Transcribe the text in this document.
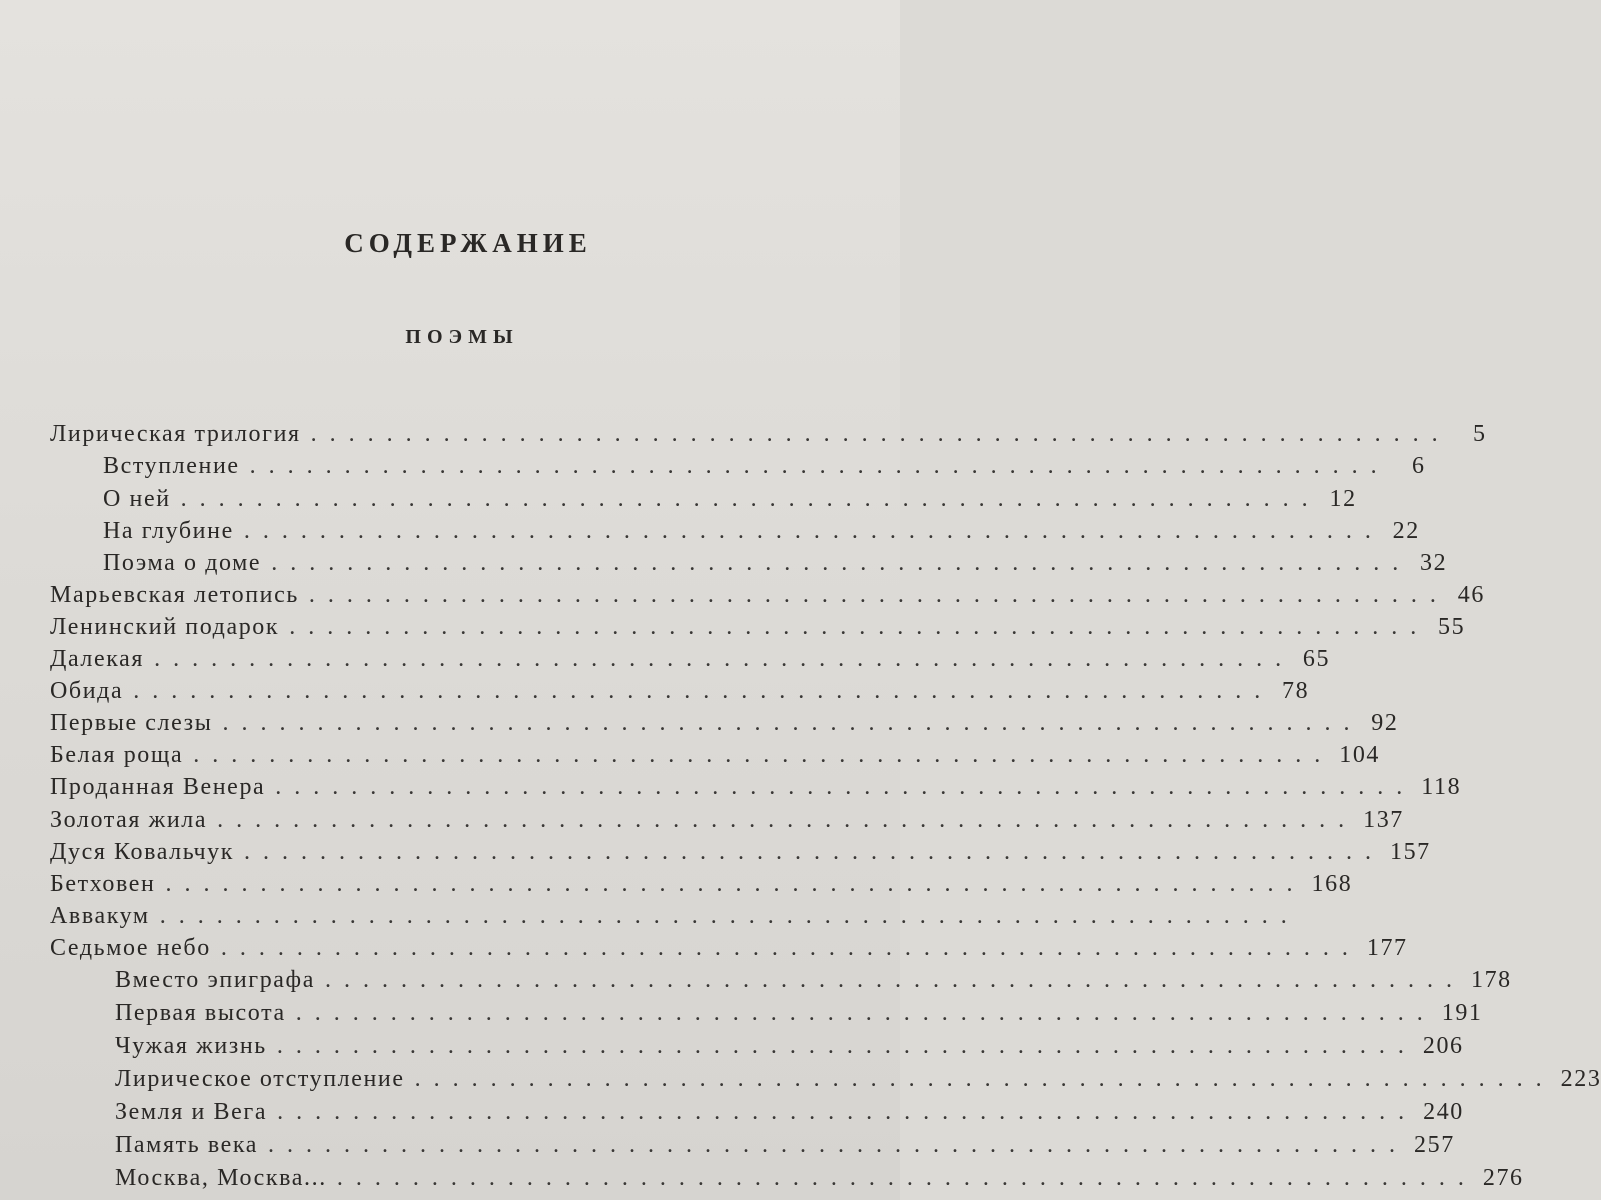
СОДЕРЖАНИЕ
ПОЭМЫ
Лирическая трилогия ............................................................ 5
Вступление ............................................................ 6
О ней ............................................................ 12
На глубине ............................................................ 22
Поэма о доме ............................................................ 32
Марьевская летопись ............................................................ 46
Ленинский подарок ............................................................ 55
Далекая ............................................................ 65
Обида ............................................................ 78
Первые слезы ............................................................ 92
Белая роща ............................................................ 104
Проданная Венера ............................................................ 118
Золотая жила ............................................................ 137
Дуся Ковальчук ............................................................ 157
Бетховен ............................................................ 168
Аввакум ............................................................
Седьмое небо ............................................................ 177
Вместо эпиграфа ............................................................ 178
Первая высота ............................................................ 191
Чужая жизнь ............................................................ 206
Лирическое отступление ............................................................ 223
Земля и Вега ............................................................ 240
Память века ............................................................ 257
Москва, Москва... ............................................................ 276
